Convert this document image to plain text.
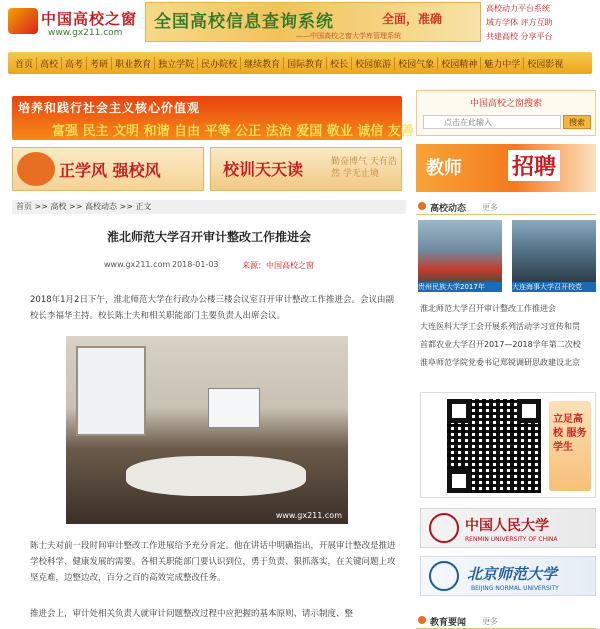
中国高校之窗
www.gx211.com
全国高校信息查询系统	全面，准确
——中国高校之窗大学库管理系统
高校动力平台系统
域方学体 评方互助
共建高校 分享平台
首页 高校 高考 考研 职业教育 独立学院 民办院校 继续教育 国际教育 校长 校园旅游 校园气象 校园精神 魅力中学 校园影视
培养和践行社会主义核心价值观
富强 民主 文明 和谐 自由 平等 公正 法治 爱国 敬业 诚信 友善
正学风 强校风	校训天天读	勤奋博气 天有浩然 学无止境
首页 >> 高校 >> 高校动态 >> 正文
淮北师范大学召开审计整改工作推进会
www.gx211.com 2018-01-03	来源：中国高校之窗
2018年1月2日下午，淮北师范大学在行政办公楼三楼会议室召开审计整改工作推进会。会议由副校长李福华主持。校长陈士夫和相关职能部门主要负责人出席会议。
www.gx211.com
陈士夫对前一段时间审计整改工作进展给予充分肯定。他在讲话中明确指出，开展审计整改是推进学校科学、健康发展的需要。各相关职能部门要认识到位，勇于负责、狠抓落实，在关键问题上攻坚克难，边整边改，百分之百的高效完成整改任务。
推进会上，审计处相关负责人就审计问题整改过程中应把握的基本原则、请示制度、整
中国高校之窗搜索
点击在此输入
搜索
教师 招聘
高校动态 更多
贵州民族大学2017年	大连海事大学召开校党
淮北师范大学召开审计整改工作推进会
大连医科大学工会开展系列活动学习宣传和贯
首都农业大学召开2017—2018学年第二次校
淮阜师范学院党委书记郑锐调研思政建设北京
立足高校 服务学生
中国人民大学
RENMIN UNIVERSITY OF CHINA
北京师范大学
BEIJING NORMAL UNIVERSITY
教育要闻 更多
